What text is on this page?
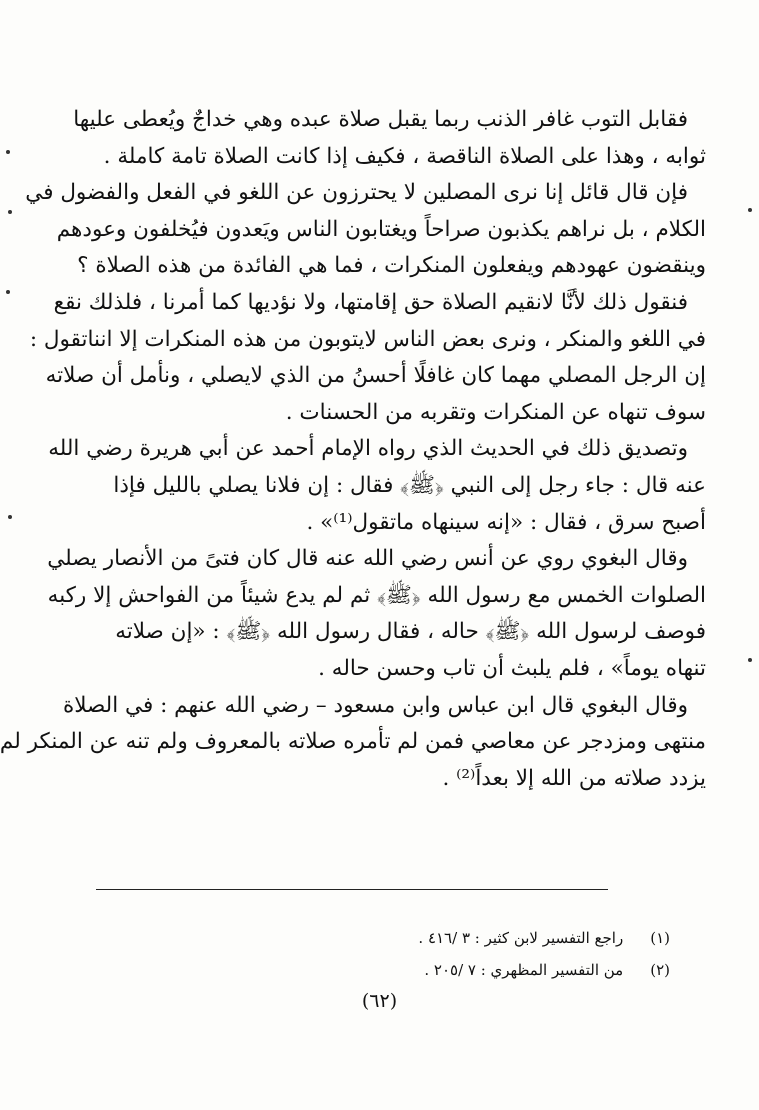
فقابل التوب غافر الذنب ربما يقبل صلاة عبده وهي خداجٌ ويُعطى عليها
ثوابه ، وهذا على الصلاة الناقصة ، فكيف إذا كانت الصلاة تامة كاملة .

فإن قال قائل إنا نرى المصلين لا يحترزون عن اللغو في الفعل والفضول في
الكلام ، بل نراهم يكذبون صراحاً ويغتابون الناس ويَعدون فيُخلفون وعودهم
وينقضون عهودهم ويفعلون المنكرات ، فما هي الفائدة من هذه الصلاة ؟

فنقول ذلك لأنَّا لانقيم الصلاة حق إقامتها، ولا نؤديها كما أمرنا ، فلذلك نقع
في اللغو والمنكر ، ونرى بعض الناس لايتوبون من هذه المنكرات إلا انناتقول :
إن الرجل المصلي مهما كان غافلًا أحسنُ من الذي لايصلي ، ونأمل أن صلاته
سوف تنهاه عن المنكرات وتقربه من الحسنات .

وتصديق ذلك في الحديث الذي رواه الإمام أحمد عن أبي هريرة رضي الله
عنه قال : جاء رجل إلى النبي ﴿ﷺ﴾ فقال : إن فلانا يصلي بالليل فإذا
أصبح سرق ، فقال : «إنه سينهاه ماتقول⁽¹⁾» .

وقال البغوي روي عن أنس رضي الله عنه قال كان فتىً من الأنصار يصلي
الصلوات الخمس مع رسول الله ﴿ﷺ﴾ ثم لم يدع شيئاً من الفواحش إلا ركبه
فوصف لرسول الله ﴿ﷺ﴾ حاله ، فقال رسول الله ﴿ﷺ﴾ : «إن صلاته
تنهاه يوماً» ، فلم يلبث أن تاب وحسن حاله .

وقال البغوي قال ابن عباس وابن مسعود – رضي الله عنهم : في الصلاة
منتهى ومزدجر عن معاصي فمن لم تأمره صلاته بالمعروف ولم تنه عن المنكر لم
يزدد صلاته من الله إلا بعداً⁽²⁾ .

(١) راجع التفسير لابن كثير : ٣ /٤١٦ .
(٢) من التفسير المظهري : ٧ /٢٠٥ .
(٦٢)
